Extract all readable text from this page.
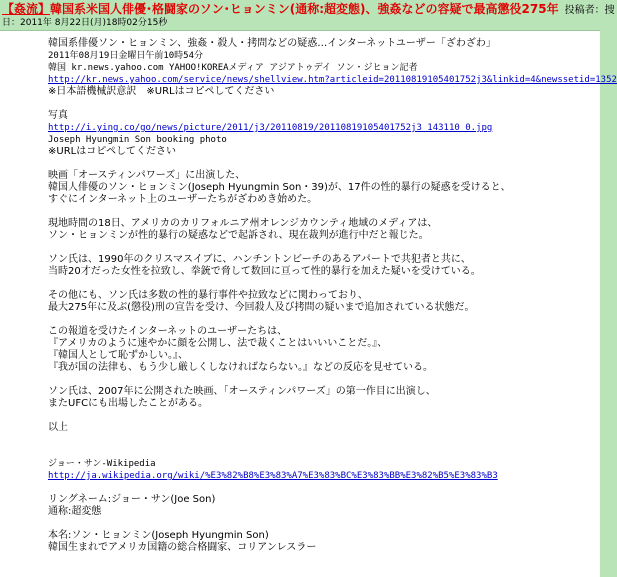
【姦流】韓国系米国人俳優･格闘家のソン･ヒョンミン(通称:超変態)、強姦などの容疑で最高懲役275年 投稿者：捜
日：2011年 8月22日(月)18時02分15秒
韓国系俳優ソン・ヒョンミン、強姦・殺人・拷問などの疑惑…インターネットユーザー「ざわざわ」
2011年08月19日金曜日午前10時54分
韓国 kr.news.yahoo.com YAHOO!KOREAメディア アジアトゥデイ ソン・ジヒョン記者
http://kr.news.yahoo.com/service/news/shellview.htm?articleid=20110819105401752j3&linkid=4&newssetid=1352
※日本語機械訳意訳　※URLはコピペしてください
写真
http://i.ying.co/go/news/picture/2011/j3/20110819/20110819105401752j3_143110_0.jpg
Joseph Hyungmin Son booking photo
※URLはコピペしてください
映画「オースティンパワーズ」に出演した、
韓国人俳優のソン・ヒョンミン(Joseph Hyungmin Son・39)が、17件の性的暴行の疑惑を受けると、
すぐにインターネット上のユーザーたちがざわめき始めた。
現地時間の18日、アメリカのカリフォルニア州オレンジカウンティ地域のメディアは、
ソン・ヒョンミンが性的暴行の疑惑などで起訴され、現在裁判が進行中だと報じた。
ソン氏は、1990年のクリスマスイブに、ハンチントンビーチのあるアパートで共犯者と共に、
当時20才だった女性を拉致し、拳銃で脅して数回に亘って性的暴行を加えた疑いを受けている。
その他にも、ソン氏は多数の性的暴行事件や拉致などに関わっており、
最大275年に及ぶ(懲役)刑の宣告を受け、今回殺人及び拷問の疑いまで追加されている状態だ。
この報道を受けたインターネットのユーザーたちは、
『アメリカのように速やかに顔を公開し、法で裁くことはいいいことだ。』、
『韓国人として恥ずかしい。』、
『我が国の法律も、もう少し厳しくしなければならない。』などの反応を見せている。
ソン氏は、2007年に公開された映画、「オースティンパワーズ」の第一作目に出演し、
またUFCにも出場したことがある。
以上
ジョー・サン-Wikipedia
http://ja.wikipedia.org/wiki/%E3%82%B8%E3%83%A7%E3%83%BC%E3%83%BB%E3%82%B5%E3%83%B3
リングネーム:ジョー・サン(Joe Son)
通称:超変態
本名:ソン・ヒョンミン(Joseph Hyungmin Son)
韓国生まれでアメリカ国籍の総合格闘家、コリアンレスラー
